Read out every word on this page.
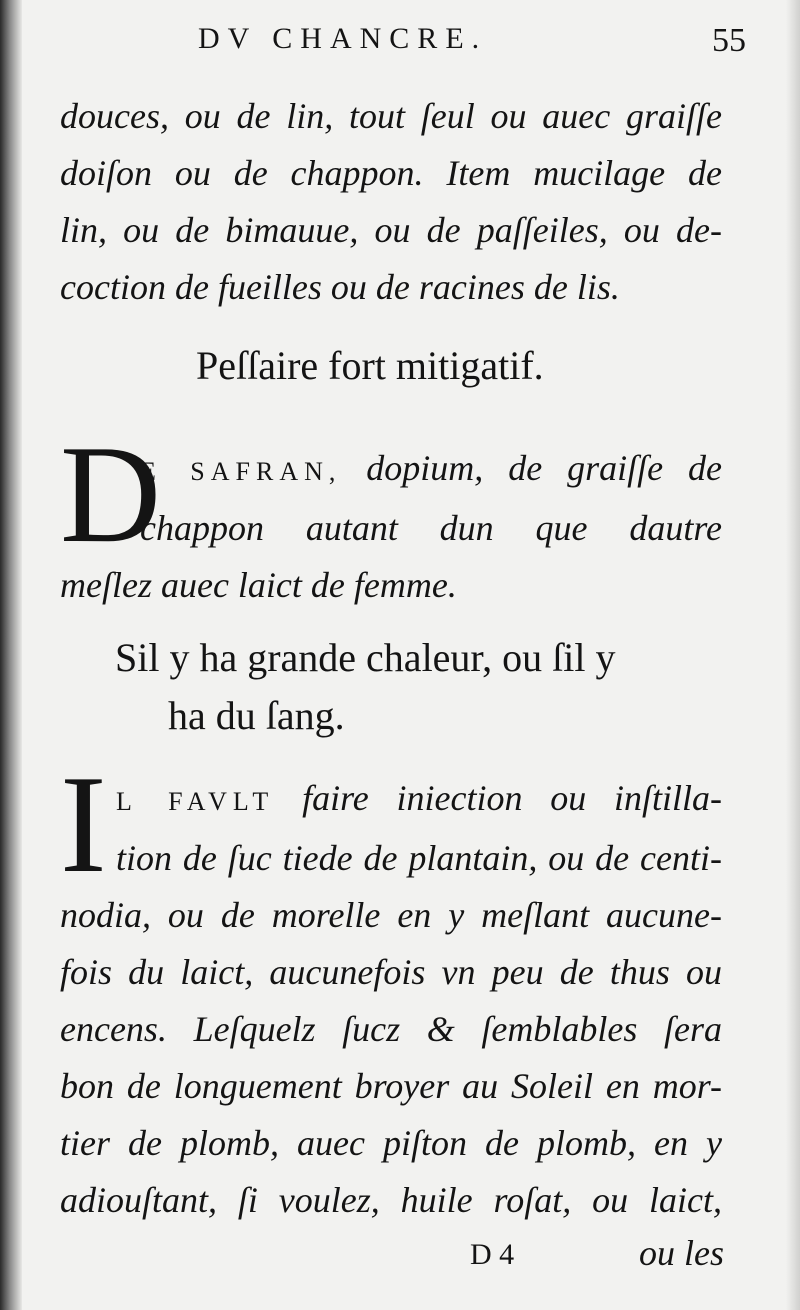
DV CHANCRE.	55
douces, ou de lin, tout ſeul ou auec graiſſe
doiſon ou de chappon. Item mucilage de
lin, ou de bimauue, ou de paſſeiles, ou de-
coction de fueilles ou de racines de lis.
Peſſaire fort mitigatif.
D
E SAFRAN, dopium, de graiſſe de
chappon autant dun que dautre
meſlez auec laict de femme.
Sil y ha grande chaleur, ou ſil y
ha du ſang.
I L FAVLT faire iniection ou inſtilla-
tion de ſuc tiede de plantain, ou de centi-
nodia, ou de morelle en y meſlant aucune-
fois du laict, aucunefois vn peu de thus ou
encens. Leſquelz ſucz & ſemblables ſera
bon de longuement broyer au Soleil en mor-
tier de plomb, auec piſton de plomb, en y
adiouſtant, ſi voulez, huile roſat, ou laict,
D 4	ou les
